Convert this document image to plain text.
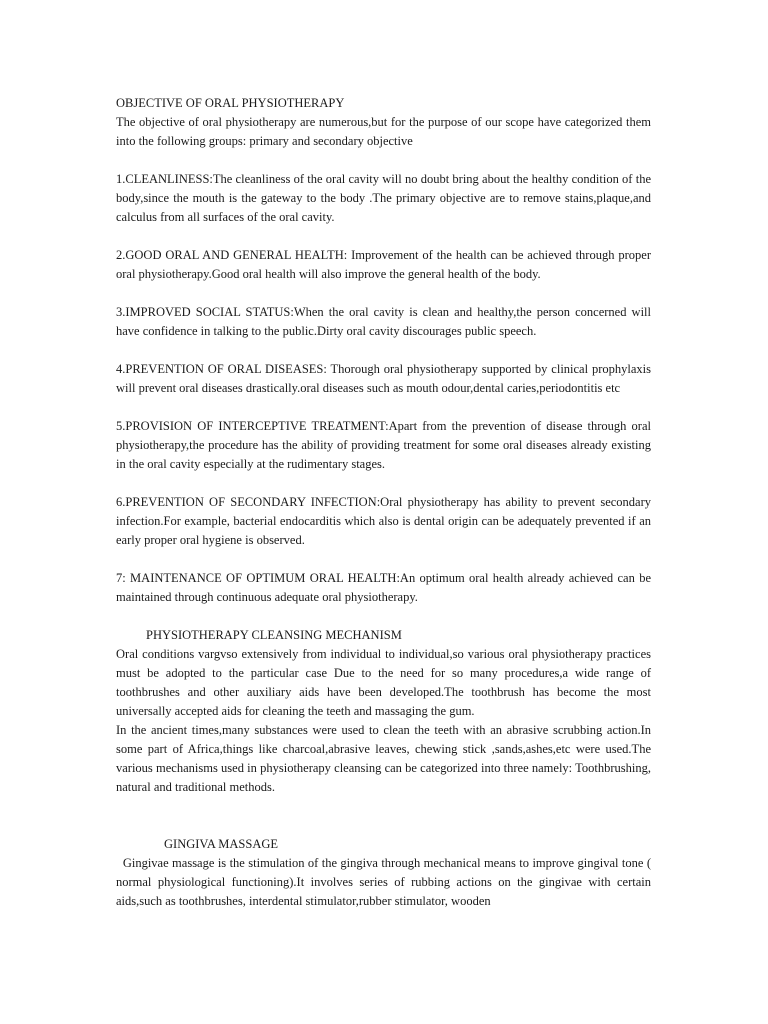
OBJECTIVE OF ORAL PHYSIOTHERAPY

The objective of oral physiotherapy are numerous,but for the purpose of our scope have categorized them into the following groups: primary and secondary objective

1.CLEANLINESS:The cleanliness of the oral cavity will no doubt bring about the healthy condition of the body,since the mouth is the gateway to the body .The primary objective are to remove stains,plaque,and calculus from all surfaces of the oral cavity.

2.GOOD ORAL AND GENERAL HEALTH: Improvement of the health can be achieved through proper oral physiotherapy.Good oral health will also improve the general health of the body.

3.IMPROVED SOCIAL STATUS:When the oral cavity is clean and healthy,the person concerned will have confidence in talking to the public.Dirty oral cavity discourages public speech.

4.PREVENTION OF ORAL DISEASES: Thorough oral physiotherapy supported by clinical prophylaxis will prevent oral diseases drastically.oral diseases such as mouth odour,dental caries,periodontitis etc

5.PROVISION OF INTERCEPTIVE TREATMENT:Apart from the prevention of disease through oral physiotherapy,the procedure has the ability of providing treatment for some oral diseases already existing in the oral cavity especially at the rudimentary stages.

6.PREVENTION OF SECONDARY INFECTION:Oral physiotherapy has ability to prevent secondary infection.For example, bacterial endocarditis which also is dental origin can be adequately prevented if an early proper oral hygiene is observed.

7: MAINTENANCE OF OPTIMUM ORAL HEALTH:An optimum oral health already achieved can be maintained through continuous adequate oral physiotherapy.

PHYSIOTHERAPY CLEANSING MECHANISM

Oral conditions vargvso extensively from individual to individual,so various oral physiotherapy practices must be adopted to the particular case Due to the need for so many procedures,a wide range of toothbrushes and other auxiliary aids have been developed.The toothbrush has become the most universally accepted aids for cleaning the teeth and massaging the gum.

In the ancient times,many substances were used to clean the teeth with an abrasive scrubbing action.In some part of Africa,things like charcoal,abrasive leaves, chewing stick ,sands,ashes,etc were used.The various mechanisms used in physiotherapy cleansing can be categorized into three namely: Toothbrushing, natural and traditional methods.

GINGIVA MASSAGE

Gingivae massage is the stimulation of the gingiva through mechanical means to improve gingival tone ( normal physiological functioning).It involves series of rubbing actions on the gingivae with certain aids,such as toothbrushes, interdental stimulator,rubber stimulator, wooden
